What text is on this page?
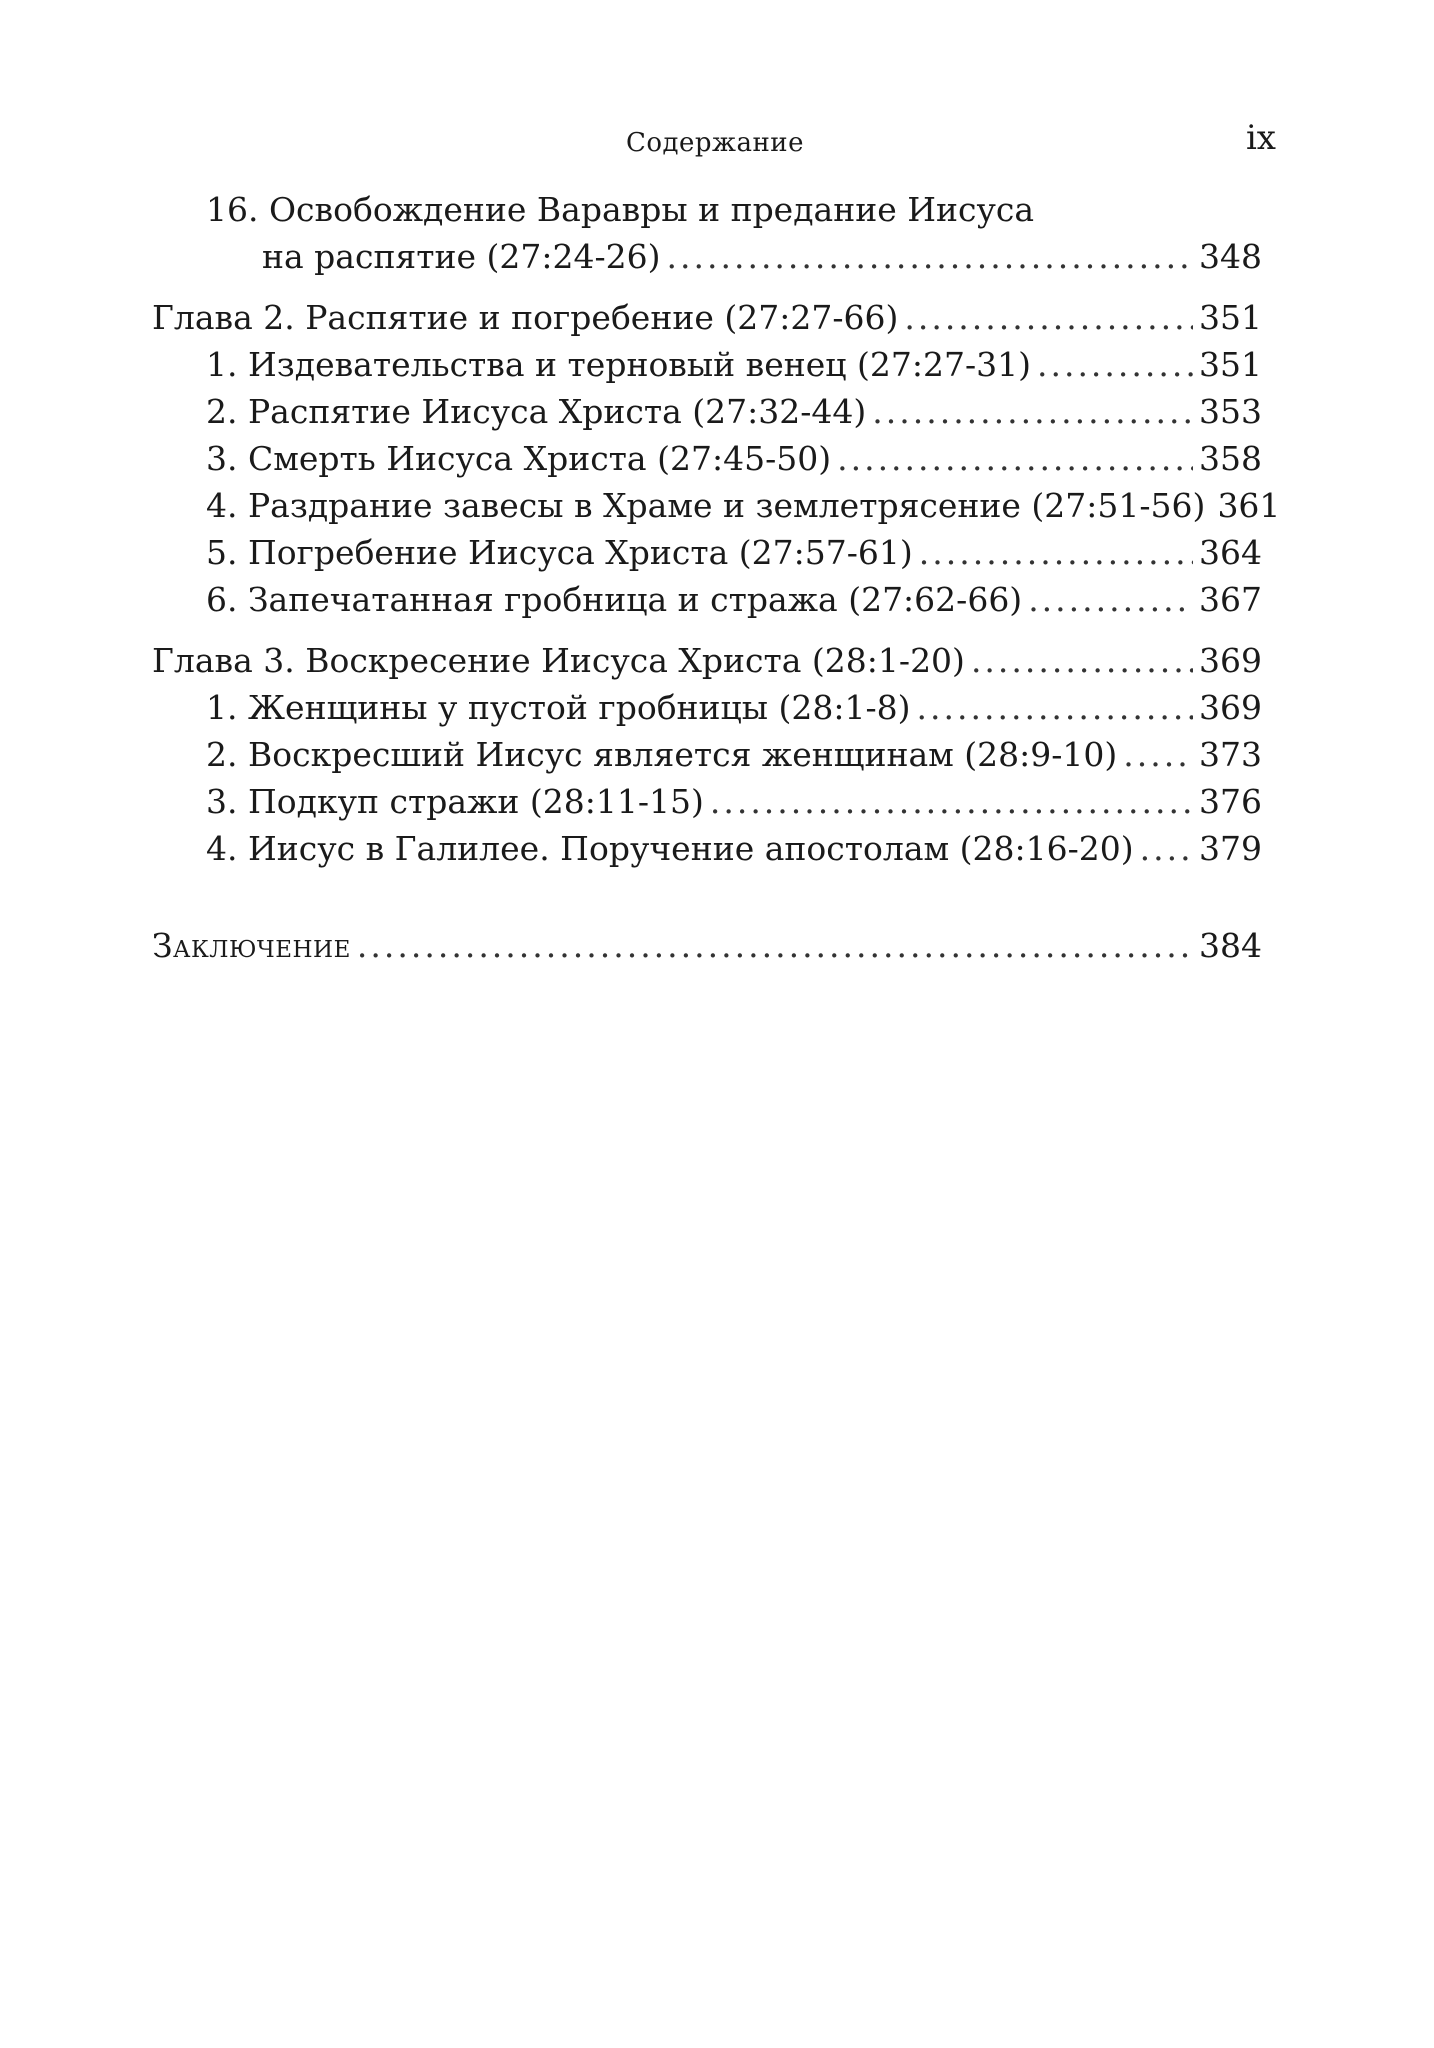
Содержание	ix
16. Освобождение Варавры и предание Иисуса
на распятие (27:24-26) .....	348
Глава 2. Распятие и погребение (27:27-66) .....	351
1. Издевательства и терновый венец (27:27-31) .....	351
2. Распятие Иисуса Христа (27:32-44) .....	353
3. Смерть Иисуса Христа (27:45-50) .....	358
4. Раздрание завесы в Храме и землетрясение (27:51-56) 361
5. Погребение Иисуса Христа (27:57-61) .....	364
6. Запечатанная гробница и стража (27:62-66) .....	367
Глава 3. Воскресение Иисуса Христа (28:1-20) .....	369
1. Женщины у пустой гробницы (28:1-8) .....	369
2. Воскресший Иисус является женщинам (28:9-10) ..... 373
3. Подкуп стражи (28:11-15) .....	376
4. Иисус в Галилее. Поручение апостолам (28:16-20) ..... 379
Заключение .....	384
